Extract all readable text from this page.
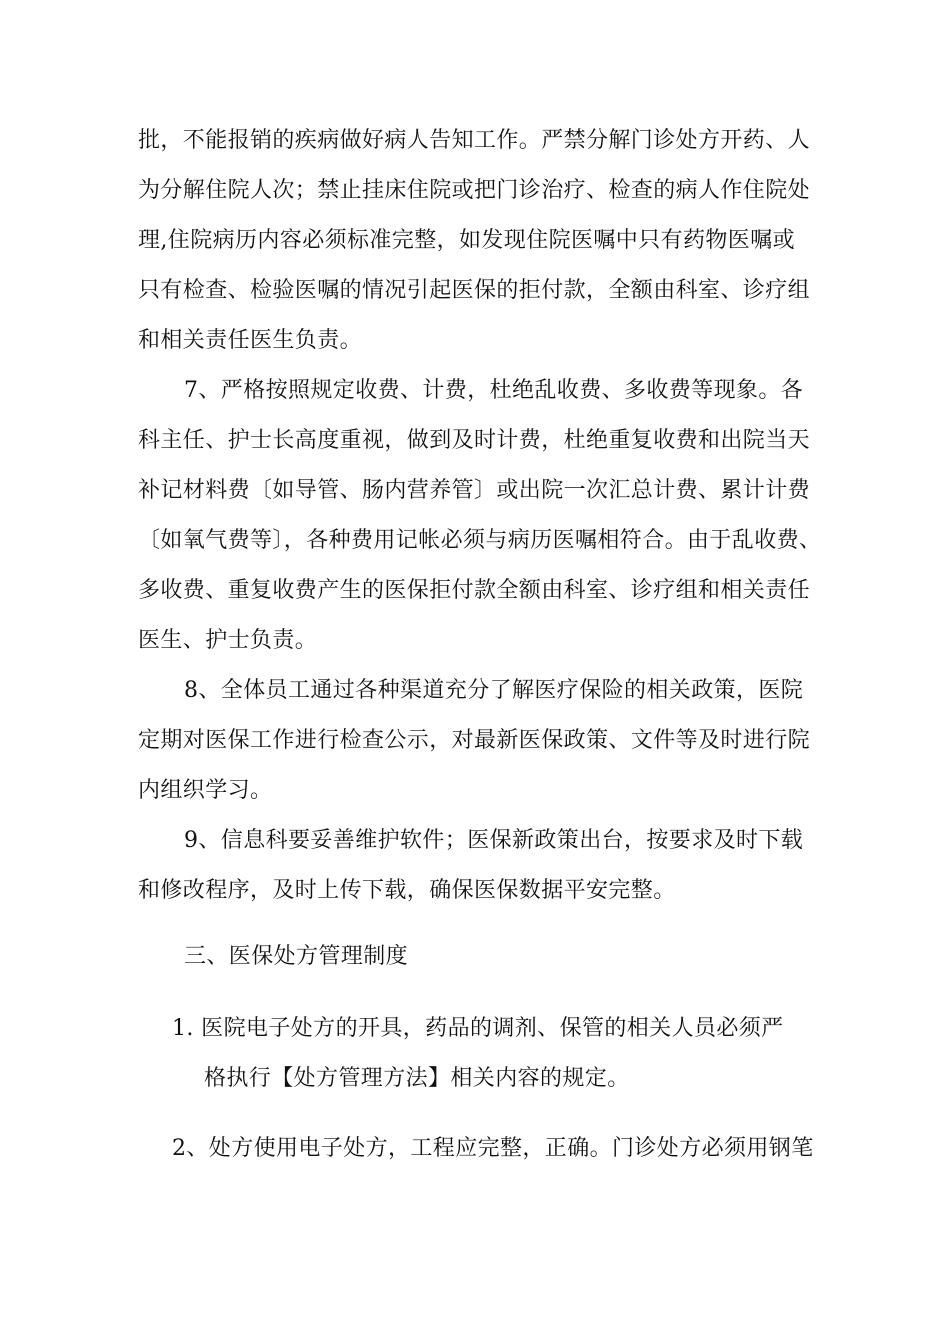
批，不能报销的疾病做好病人告知工作。严禁分解门诊处方开药、人
为分解住院人次；禁止挂床住院或把门诊治疗、检查的病人作住院处
理,住院病历内容必须标准完整，如发现住院医嘱中只有药物医嘱或
只有检查、检验医嘱的情况引起医保的拒付款，全额由科室、诊疗组
和相关责任医生负责。
7、严格按照规定收费、计费，杜绝乱收费、多收费等现象。各
科主任、护士长高度重视，做到及时计费，杜绝重复收费和出院当天
补记材料费〔如导管、肠内营养管〕或出院一次汇总计费、累计计费
〔如氧气费等〕，各种费用记帐必须与病历医嘱相符合。由于乱收费、
多收费、重复收费产生的医保拒付款全额由科室、诊疗组和相关责任
医生、护士负责。
8、全体员工通过各种渠道充分了解医疗保险的相关政策，医院
定期对医保工作进行检查公示，对最新医保政策、文件等及时进行院
内组织学习。
9、信息科要妥善维护软件；医保新政策出台，按要求及时下载
和修改程序，及时上传下载，确保医保数据平安完整。
三、医保处方管理制度
1. 医院电子处方的开具，药品的调剂、保管的相关人员必须严
格执行【处方管理方法】相关内容的规定。
2、处方使用电子处方，工程应完整，正确。门诊处方必须用钢笔
